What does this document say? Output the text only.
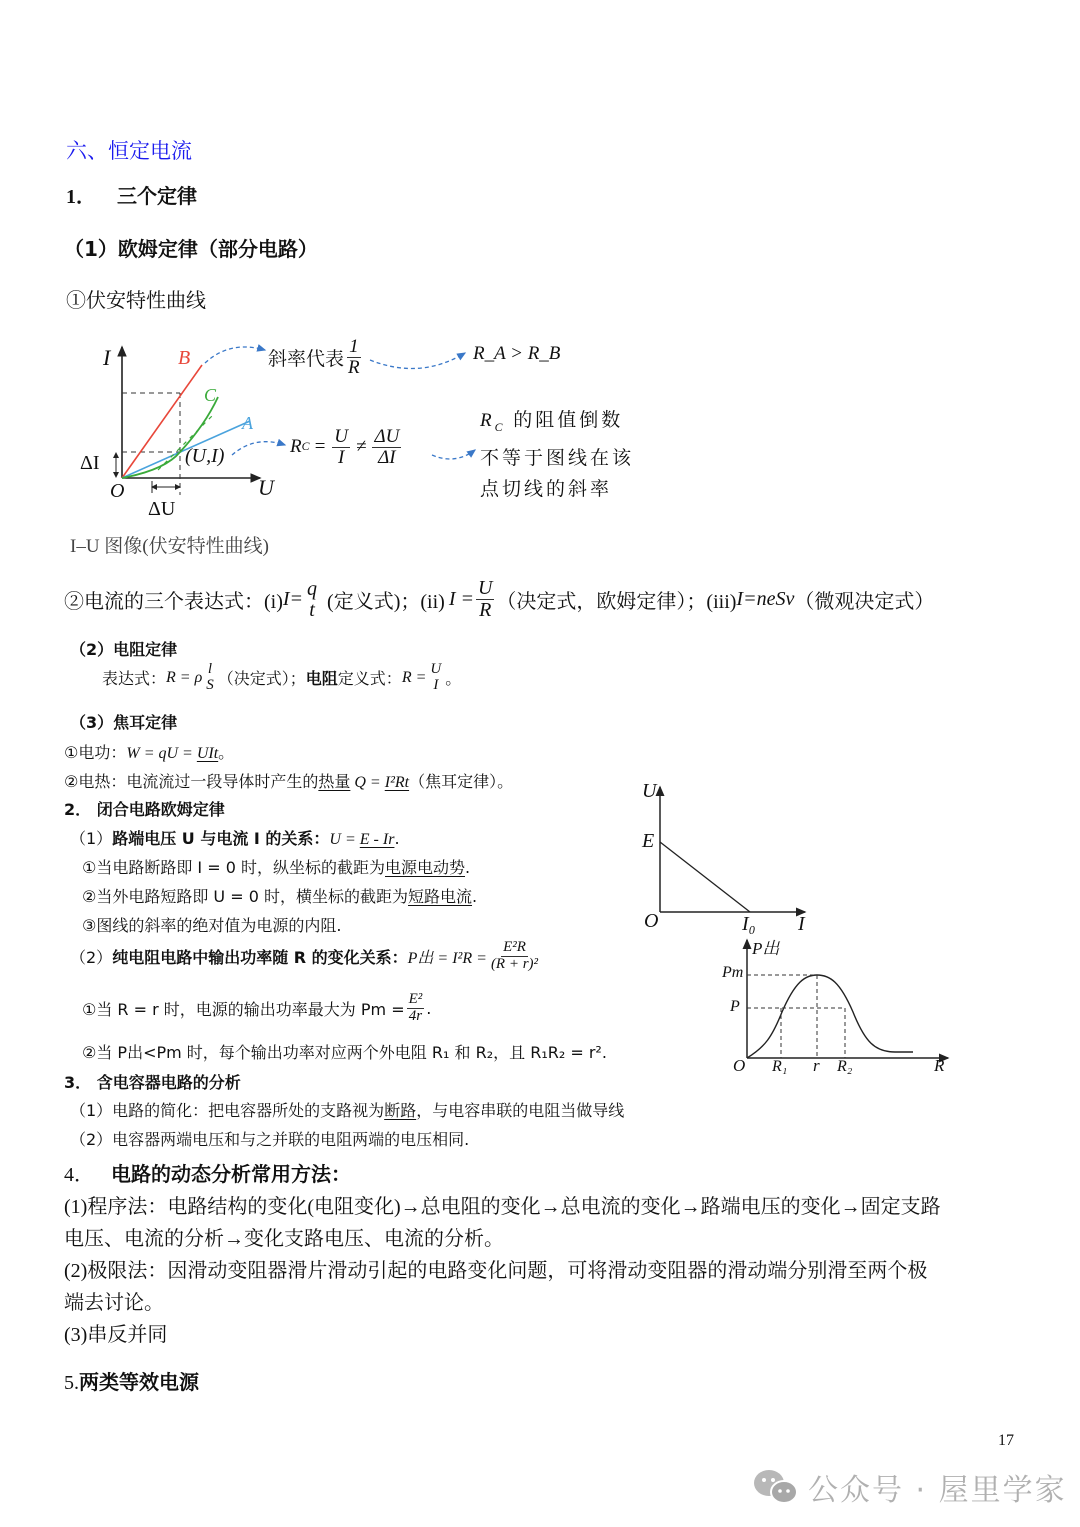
六、恒定电流
1． 三个定律
（1）欧姆定律（部分电路）
①伏安特性曲线
I
U
O
B
C
A
(U,I)
ΔI
ΔU
斜率代表 $\frac{1}{R}$	R_A > R_B
R $C = \frac{U}{I} \ne \frac{\Delta U}{\Delta I}$
$R_C$ 的阻值倒数
不等于图线在该
点切线的斜率
I–U 图像(伏安特性曲线)
②电流的三个表达式：(i) I= q
t (定义式)；(ii) $I = \frac{U}{R}$ （决定式，欧姆定律）；(iii) I=neSv （微观决定式）
（2）电阻定律
表达式： R = ρ l
S （决定式）； 电阻 定义式： R = U
I 。
（3）焦耳定律
①电功：W = qU = UIt。
②电热：电流流过一段导体时产生的热量 Q = I²Rt（焦耳定律）。
2． 闭合电路欧姆定律
（1）路端电压 U 与电流 I 的关系：U = E - Ir.
①当电路断路即 I = 0 时，纵坐标的截距为电源电动势.
②当外电路短路即 U = 0 时，横坐标的截距为短路电流.
③图线的斜率的绝对值为电源的内阻.
（2） 纯电阻电路中输出功率随 R 的变化关系： P出 = $I^2R = \frac{\text{E²R}}{\text{(R + r)²}}$
①当 R = r 时，电源的输出功率最大为 $Pm = \frac{\text{E²}}{4r}$ .
②当 P出<Pm 时，每个输出功率对应两个外电阻 R₁ 和 R₂，且 R₁R₂ = r².
U
E
O	I₀ I
P出
Pm
P
O R₁ r R₂	R
3． 含电容器电路的分析
（1）电路的简化：把电容器所处的支路视为断路，与电容串联的电阻当做导线
（2）电容器两端电压和与之并联的电阻两端的电压相同.
4． 电路的动态分析常用方法：
(1)程序法：电路结构的变化(电阻变化)→总电阻的变化→总电流的变化→路端电压的变化→固定支路
电压、电流的分析→变化支路电压、电流的分析。
(2)极限法：因滑动变阻器滑片滑动引起的电路变化问题，可将滑动变阻器的滑动端分别滑至两个极
端去讨论。
(3)串反并同
5.两类等效电源
17
公众号 · 屋里学家
